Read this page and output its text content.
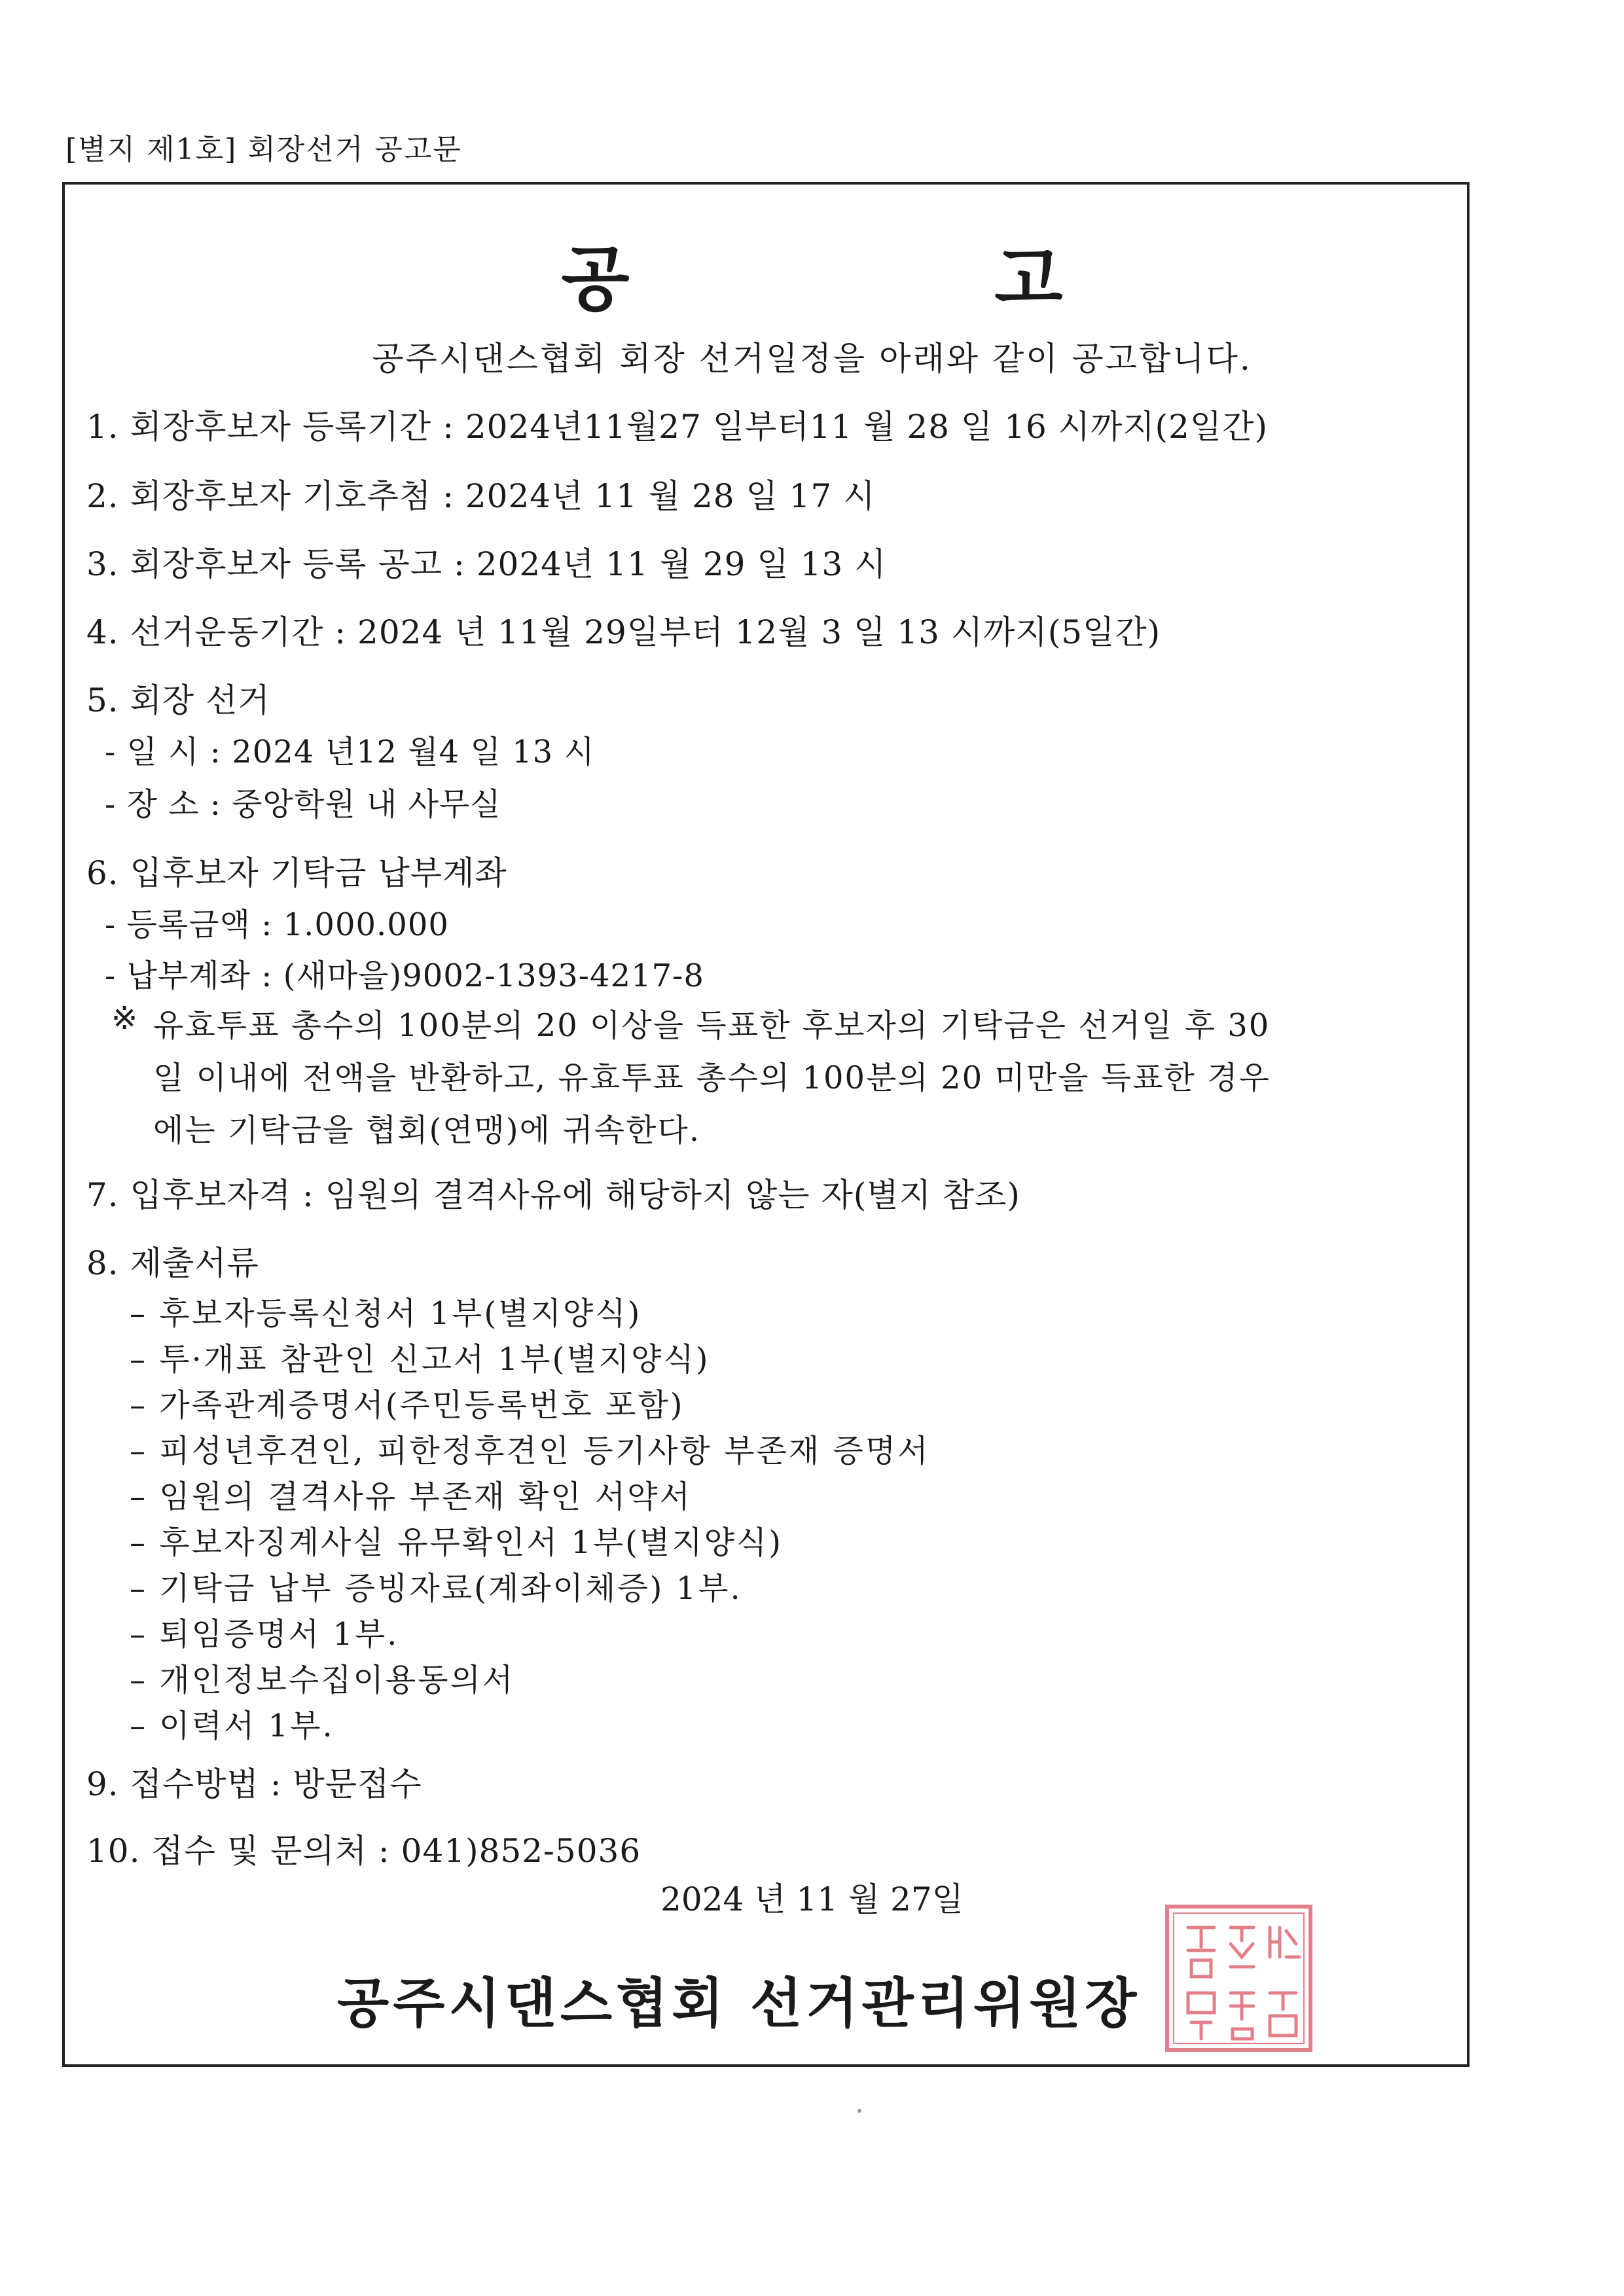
[별지 제1호] 회장선거 공고문
공 고
공주시댄스협회 회장 선거일정을 아래와 같이 공고합니다.
1. 회장후보자 등록기간 : 2024년11월27 일부터11 월 28 일 16 시까지(2일간)
2. 회장후보자 기호추첨 : 2024년 11 월 28 일 17 시
3. 회장후보자 등록 공고 : 2024년 11 월 29 일 13 시
4. 선거운동기간 : 2024 년 11월 29일부터 12월 3 일 13 시까지(5일간)
5. 회장 선거
- 일 시 : 2024 년12 월4 일 13 시
- 장 소 : 중앙학원 내 사무실
6. 입후보자 기탁금 납부계좌
- 등록금액 : 1.000.000
- 납부계좌 : (새마을)9002-1393-4217-8
※ 유효투표 총수의 100분의 20 이상을 득표한 후보자의 기탁금은 선거일 후 30
일 이내에 전액을 반환하고, 유효투표 총수의 100분의 20 미만을 득표한 경우
에는 기탁금을 협회(연맹)에 귀속한다.
7. 입후보자격 : 임원의 결격사유에 해당하지 않는 자(별지 참조)
8. 제출서류
– 후보자등록신청서 1부(별지양식)
– 투·개표 참관인 신고서 1부(별지양식)
– 가족관계증명서(주민등록번호 포함)
– 피성년후견인, 피한정후견인 등기사항 부존재 증명서
– 임원의 결격사유 부존재 확인 서약서
– 후보자징계사실 유무확인서 1부(별지양식)
– 기탁금 납부 증빙자료(계좌이체증) 1부.
– 퇴임증명서 1부.
– 개인정보수집이용동의서
– 이력서 1부.
9. 접수방법 : 방문접수
10. 접수 및 문의처 : 041)852-5036
2024 년 11 월 27일
공주시댄스협회 선거관리위원장
